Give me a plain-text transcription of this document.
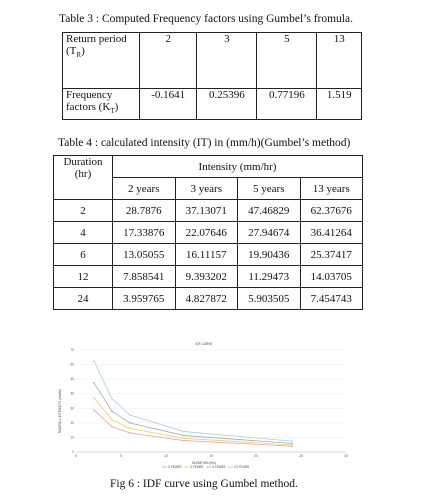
Table 3 : Computed Frequency factors using Gumbel’s fromula.
Return period
$(T_R)$	2	3	5	13
Frequency
factors $(K_T)$	-0.1641	0.25396	0.77196	1.519
Table 4 : calculated intensity (IT) in (mm/h)(Gumbel’s method)
Duration
(hr)	Intensity (mm/hr)			
	2 years	3 years	5 years	13 years
2	28.7876	37.13071	47.46829	62.37676
4	17.33876	22.07646	27.94674	36.41264
6	13.05055	16.11157	19.90436	25.37417
12	7.858541	9.393202	11.29473	14.03705
24	3.959765	4.827872	5.903505	7.454743
IDF CURVE
RAINFALL INTENSITY (mm/hr)
DURATION (hrs)
0
10
20
30
40
50
60
70
0	5	10	15	20	25	30
2 YEARS	3 YEARS	5 YEARS	13 YEARS
Fig 6 : IDF curve using Gumbel method.
